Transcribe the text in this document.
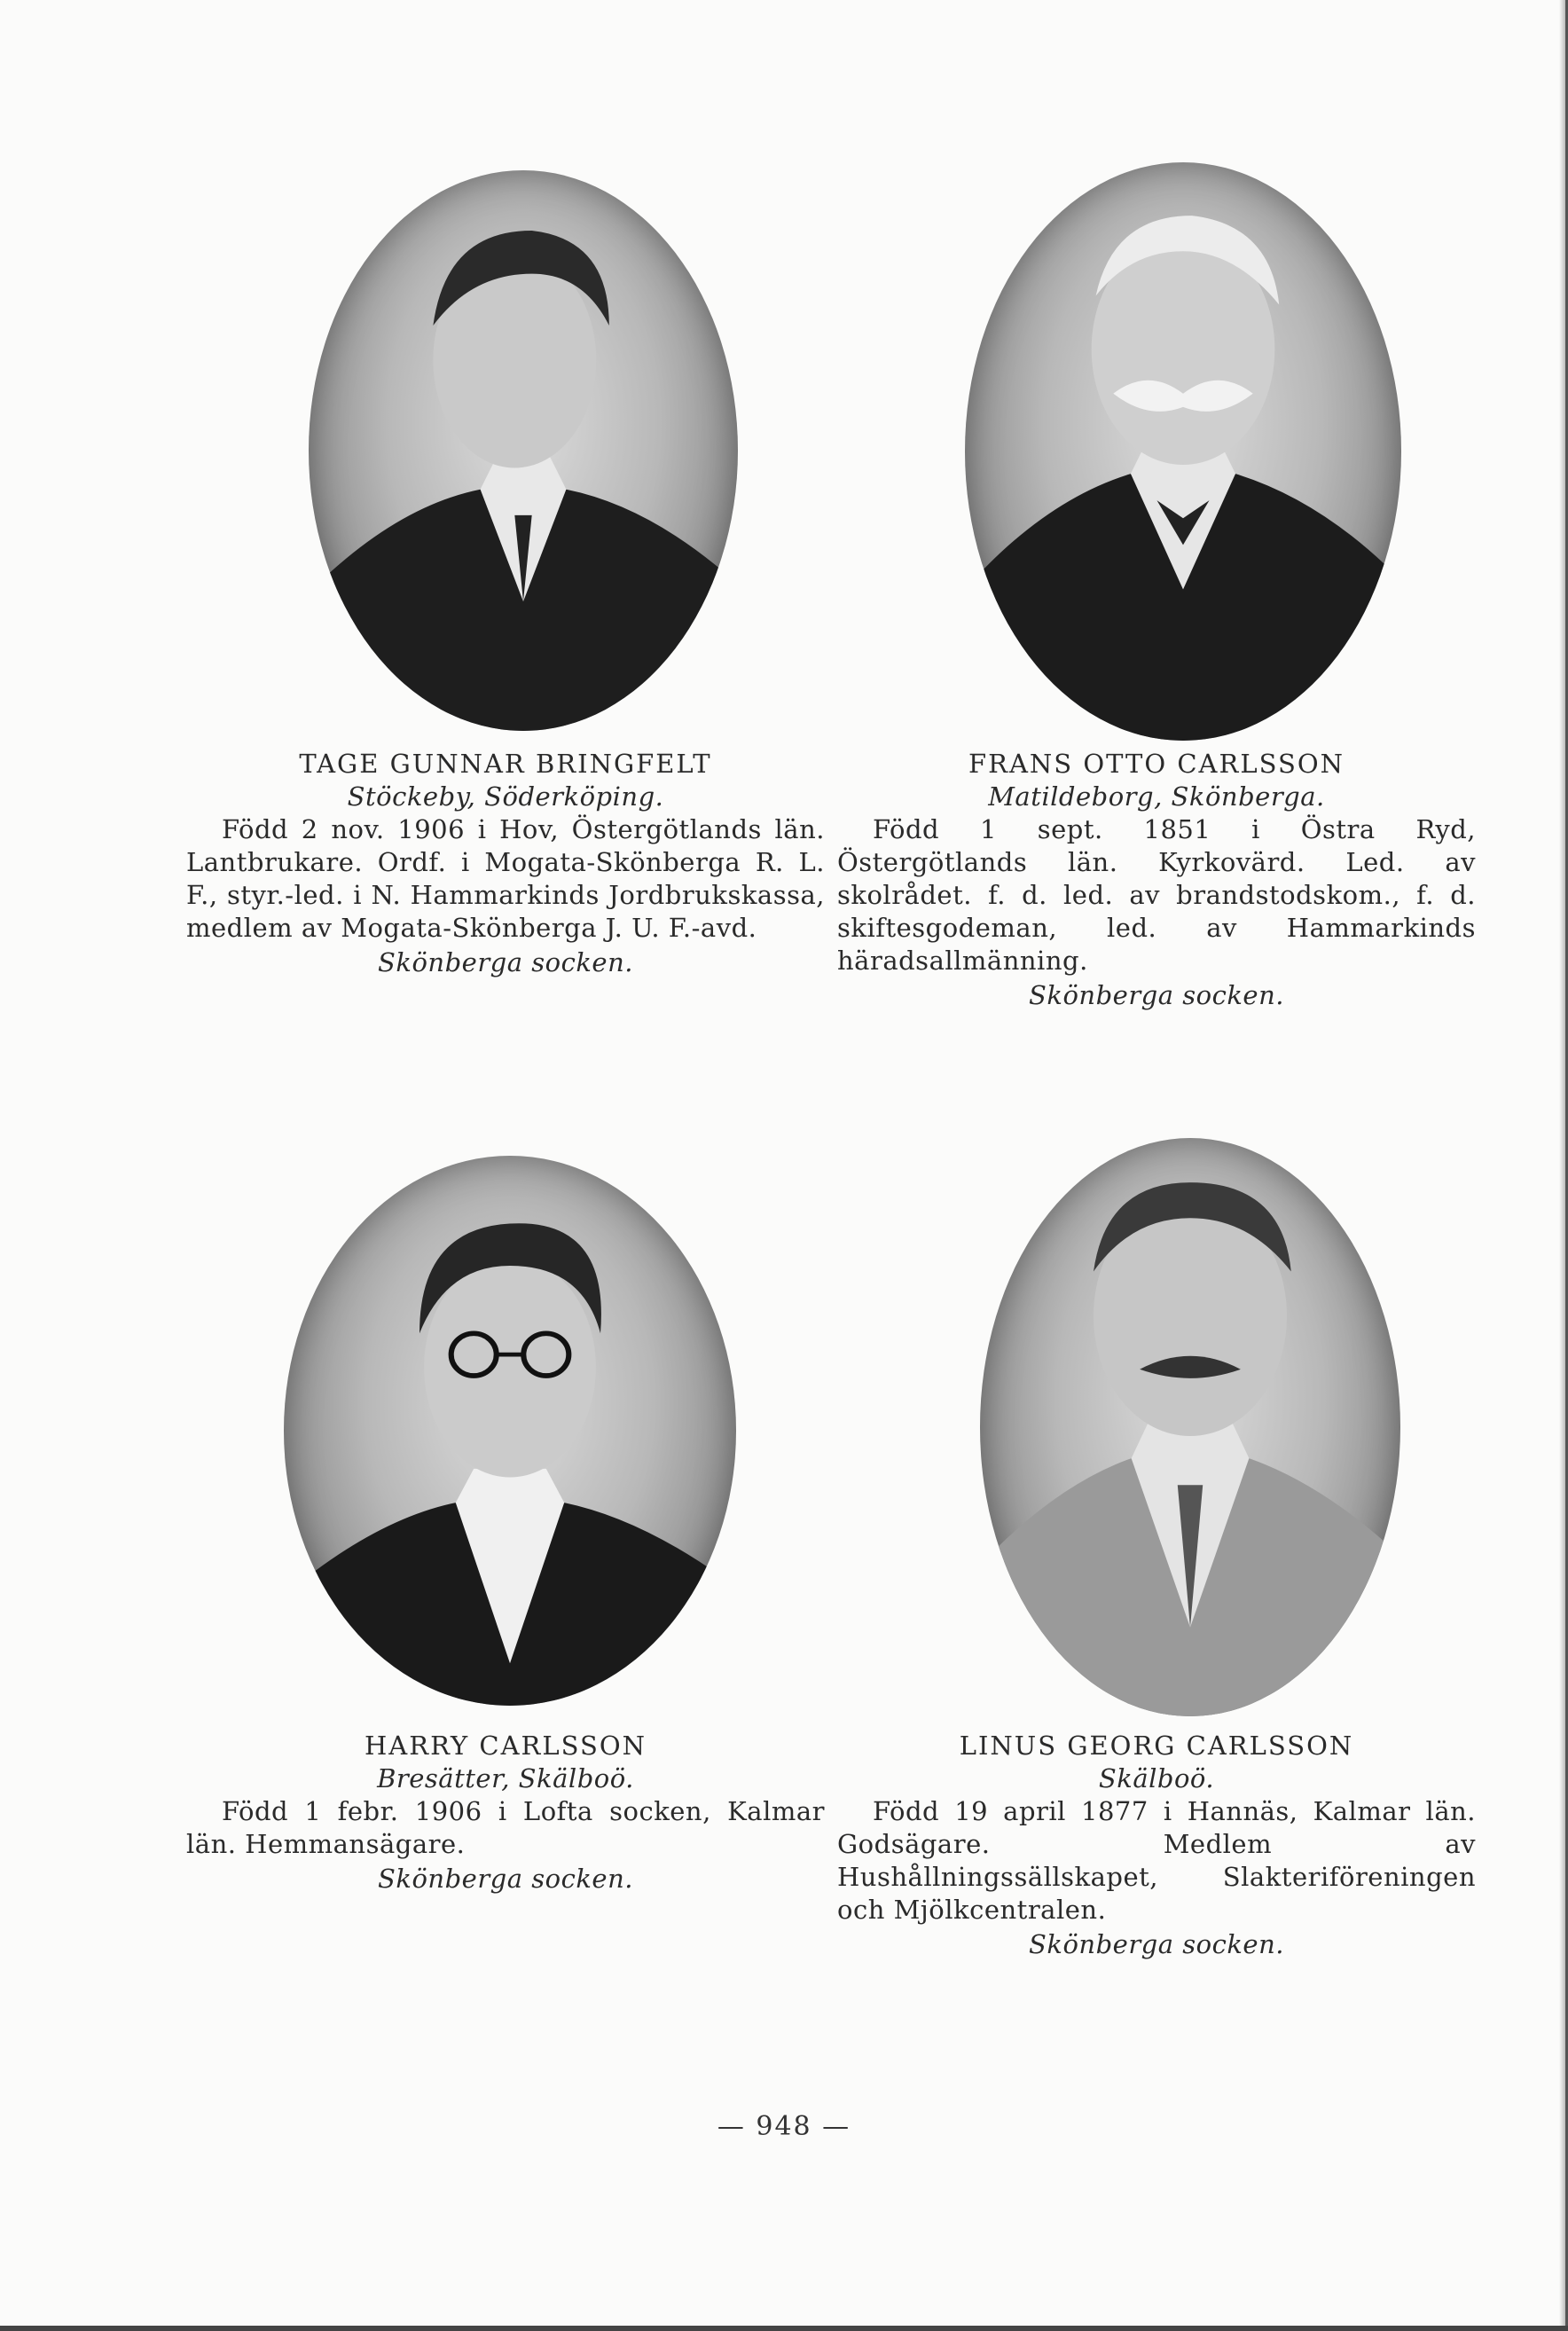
TAGE GUNNAR BRINGFELT
Stöckeby, Söderköping.
Född 2 nov. 1906 i Hov, Östergötlands län. Lantbrukare. Ordf. i Mogata-Skönberga R. L. F., styr.-led. i N. Hammarkinds Jordbrukskassa, medlem av Mogata-Skönberga J. U. F.-avd.
Skönberga socken.
FRANS OTTO CARLSSON
Matildeborg, Skönberga.
Född 1 sept. 1851 i Östra Ryd, Östergötlands län. Kyrkovärd. Led. av skolrådet. f. d. led. av brandstodskom., f. d. skiftesgodeman, led. av Hammarkinds häradsallmänning.
Skönberga socken.
HARRY CARLSSON
Bresätter, Skälboö.
Född 1 febr. 1906 i Lofta socken, Kalmar län. Hemmansägare.
Skönberga socken.
LINUS GEORG CARLSSON
Skälboö.
Född 19 april 1877 i Hannäs, Kalmar län. Godsägare. Medlem av Hushållningssällskapet, Slakteriföreningen och Mjölkcentralen.
Skönberga socken.
— 948 —
